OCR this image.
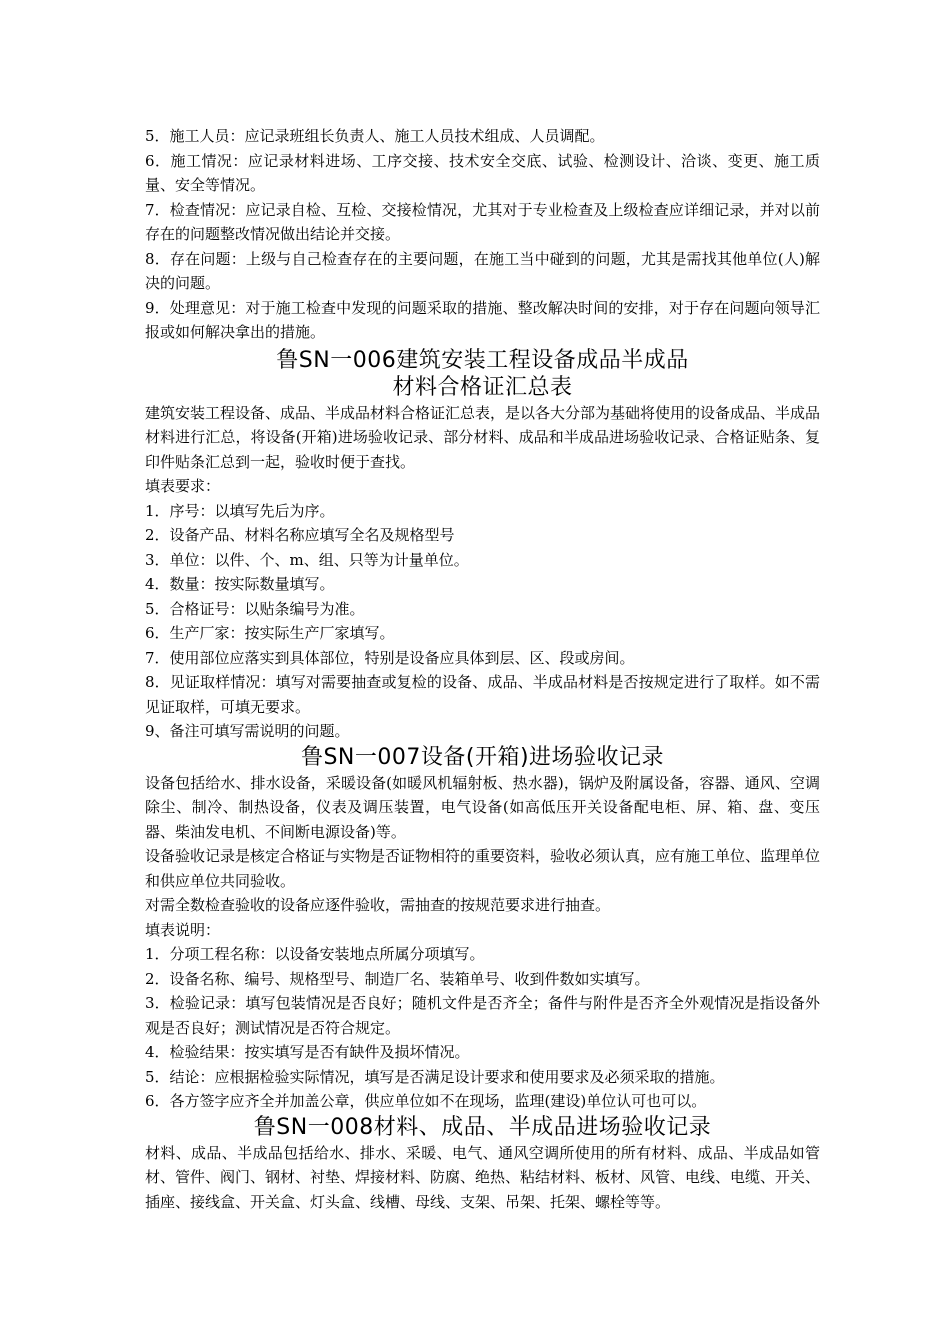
5．施工人员：应记录班组长负责人、施工人员技术组成、人员调配。

6．施工情况：应记录材料进场、工序交接、技术安全交底、试验、检测设计、洽谈、变更、施工质量、安全等情况。

7．检查情况：应记录自检、互检、交接检情况，尤其对于专业检查及上级检查应详细记录，并对以前存在的问题整改情况做出结论并交接。

8．存在问题：上级与自己检查存在的主要问题，在施工当中碰到的问题，尤其是需找其他单位(人)解决的问题。

9．处理意见：对于施工检查中发现的问题采取的措施、整改解决时间的安排，对于存在问题向领导汇报或如何解决拿出的措施。

鲁SN一006建筑安装工程设备成品半成品

材料合格证汇总表

建筑安装工程设备、成品、半成品材料合格证汇总表，是以各大分部为基础将使用的设备成品、半成品材料进行汇总，将设备(开箱)进场验收记录、部分材料、成品和半成品进场验收记录、合格证贴条、复印件贴条汇总到一起，验收时便于查找。

填表要求：

1．序号：以填写先后为序。

2．设备产品、材料名称应填写全名及规格型号

3．单位：以件、个、m、组、只等为计量单位。

4．数量：按实际数量填写。

5．合格证号：以贴条编号为准。

6．生产厂家：按实际生产厂家填写。

7．使用部位应落实到具体部位，特别是设备应具体到层、区、段或房间。

8．见证取样情况：填写对需要抽查或复检的设备、成品、半成品材料是否按规定进行了取样。如不需见证取样，可填无要求。

9、备注可填写需说明的问题。

鲁SN一007设备(开箱)进场验收记录

设备包括给水、排水设备，采暖设备(如暖风机辐射板、热水器)，锅炉及附属设备，容器、通风、空调除尘、制冷、制热设备，仪表及调压装置，电气设备(如高低压开关设备配电柜、屏、箱、盘、变压器、柴油发电机、不间断电源设备)等。

设备验收记录是核定合格证与实物是否证物相符的重要资料，验收必须认真，应有施工单位、监理单位和供应单位共同验收。

对需全数检查验收的设备应逐件验收，需抽查的按规范要求进行抽查。

填表说明：

1．分项工程名称：以设备安装地点所属分项填写。

2．设备名称、编号、规格型号、制造厂名、装箱单号、收到件数如实填写。

3．检验记录：填写包装情况是否良好；随机文件是否齐全；备件与附件是否齐全外观情况是指设备外观是否良好；测试情况是否符合规定。

4．检验结果：按实填写是否有缺件及损坏情况。

5．结论：应根据检验实际情况，填写是否满足设计要求和使用要求及必须采取的措施。

6．各方签字应齐全并加盖公章，供应单位如不在现场，监理(建设)单位认可也可以。

鲁SN一008材料、成品、半成品进场验收记录

材料、成品、半成品包括给水、排水、采暖、电气、通风空调所使用的所有材料、成品、半成品如管材、管件、阀门、钢材、衬垫、焊接材料、防腐、绝热、粘结材料、板材、风管、电线、电缆、开关、插座、接线盒、开关盒、灯头盒、线槽、母线、支架、吊架、托架、螺栓等等。
